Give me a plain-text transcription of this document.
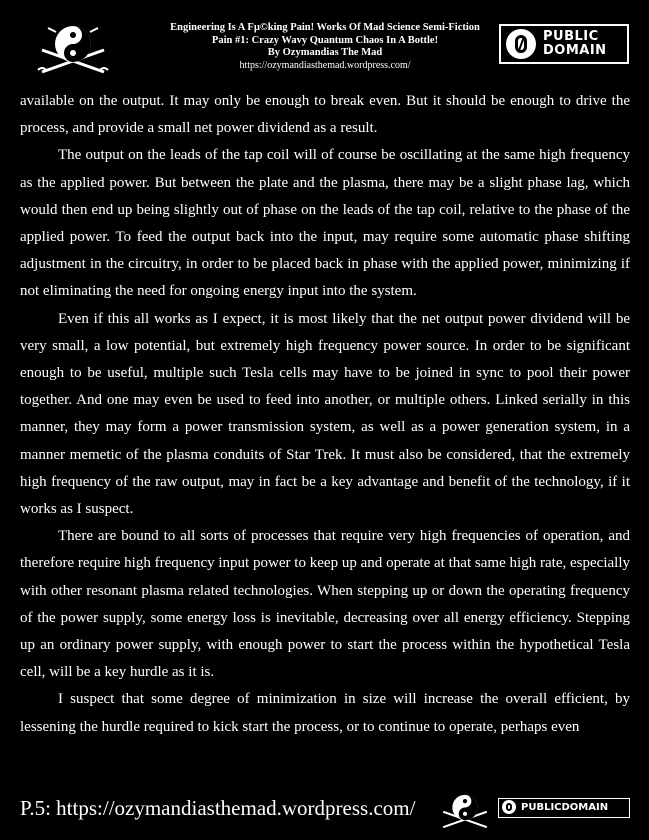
Engineering Is A Fµ©king Pain! Works Of Mad Science Semi-Fiction
Pain #1: Crazy Wavy Quantum Chaos In A Bottle!
By Ozymandias The Mad
https://ozymandiasthemad.wordpress.com/
PUBLIC
DOMAIN

available on the output. It may only be enough to break even. But it should be enough to drive the process, and provide a small net power dividend as a result.

The output on the leads of the tap coil will of course be oscillating at the same high frequency as the applied power. But between the plate and the plasma, there may be a slight phase lag, which would then end up being slightly out of phase on the leads of the tap coil, relative to the phase of the applied power. To feed the output back into the input, may require some automatic phase shifting adjustment in the circuitry, in order to be placed back in phase with the applied power, minimizing if not eliminating the need for ongoing energy input into the system.

Even if this all works as I expect, it is most likely that the net output power dividend will be very small, a low potential, but extremely high frequency power source. In order to be significant enough to be useful, multiple such Tesla cells may have to be joined in sync to pool their power together. And one may even be used to feed into another, or multiple others. Linked serially in this manner, they may form a power transmission system, as well as a power generation system, in a manner memetic of the plasma conduits of Star Trek. It must also be considered, that the extremely high frequency of the raw output, may in fact be a key advantage and benefit of the technology, if it works as I suspect.

There are bound to all sorts of processes that require very high frequencies of operation, and therefore require high frequency input power to keep up and operate at that same high rate, especially with other resonant plasma related technologies. When stepping up or down the operating frequency of the power supply, some energy loss is inevitable, decreasing over all energy efficiency. Stepping up an ordinary power supply, with enough power to start the process within the hypothetical Tesla cell, will be a key hurdle as it is.

I suspect that some degree of minimization in size will increase the overall efficient, by lessening the hurdle required to kick start the process, or to continue to operate, perhaps even

P.5: https://ozymandiasthemad.wordpress.com/	PUBLICDOMAIN
